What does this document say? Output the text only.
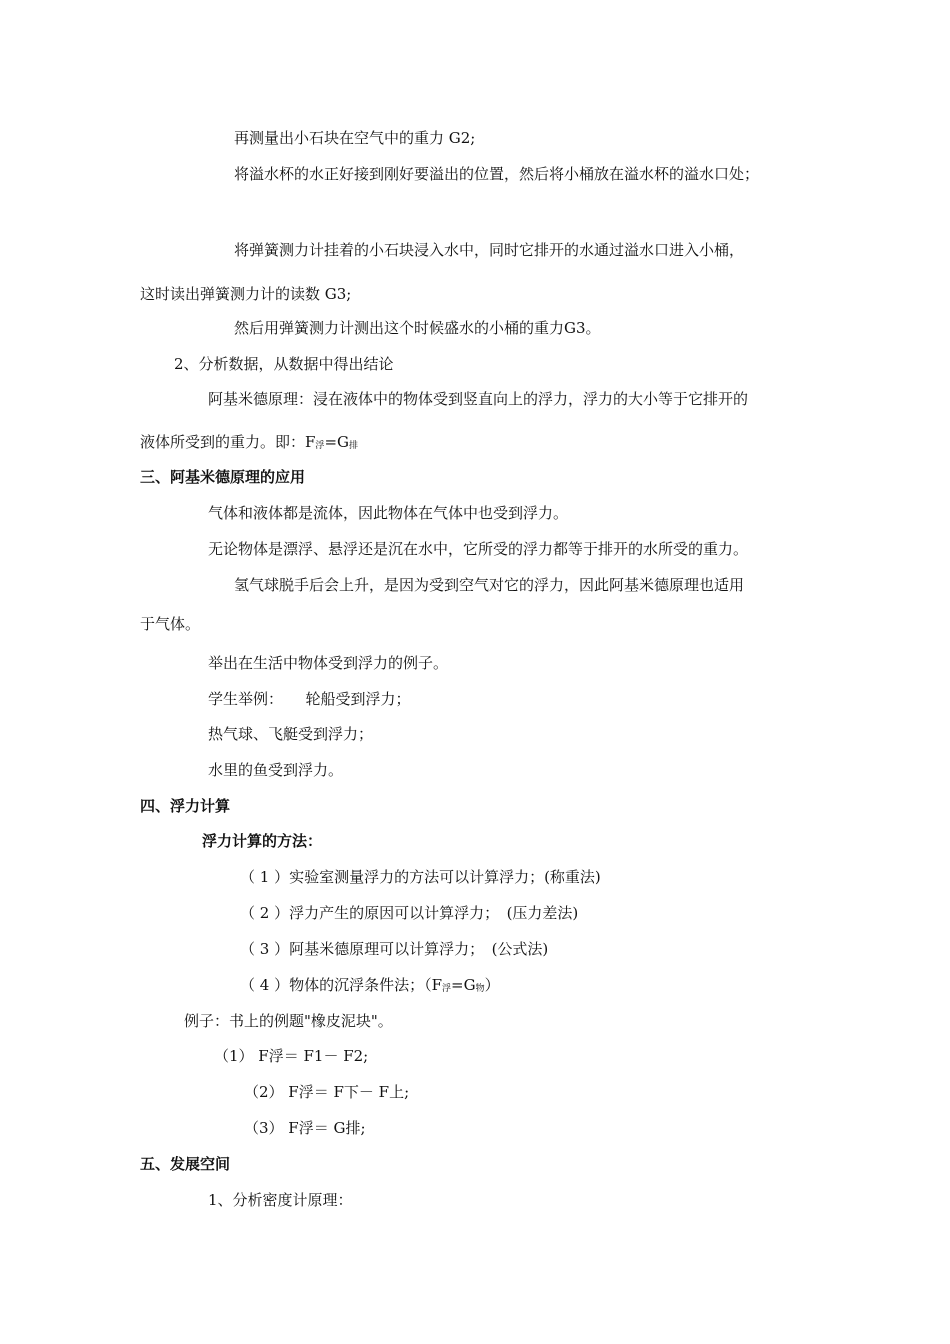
再测量出小石块在空气中的重力 G2;
将溢水杯的水正好接到刚好要溢出的位置，然后将小桶放在溢水杯的溢水口处；
将弹簧测力计挂着的小石块浸入水中，同时它排开的水通过溢水口进入小桶，
这时读出弹簧测力计的读数 G3;
然后用弹簧测力计测出这个时候盛水的小桶的重力G3。
2、分析数据，从数据中得出结论
阿基米德原理：浸在液体中的物体受到竖直向上的浮力，浮力的大小等于它排开的
液体所受到的重力。即：F浮=G排
三、阿基米德原理的应用
气体和液体都是流体，因此物体在气体中也受到浮力。
无论物体是漂浮、悬浮还是沉在水中，它所受的浮力都等于排开的水所受的重力。
氢气球脱手后会上升，是因为受到空气对它的浮力，因此阿基米德原理也适用
于气体。
举出在生活中物体受到浮力的例子。
学生举例：　　轮船受到浮力；
热气球、飞艇受到浮力；
水里的鱼受到浮力。
四、浮力计算
浮力计算的方法：
（ 1 ）实验室测量浮力的方法可以计算浮力；(称重法)
（ 2 ）浮力产生的原因可以计算浮力；　(压力差法)
（ 3 ）阿基米德原理可以计算浮力；　(公式法)
（ 4 ）物体的沉浮条件法；（F浮=G物）
例子：书上的例题"橡皮泥块"。
（1） F浮＝ F1－ F2;
（2） F浮＝ F下－ F上;
（3） F浮＝ G排;
五、发展空间
1、分析密度计原理：
